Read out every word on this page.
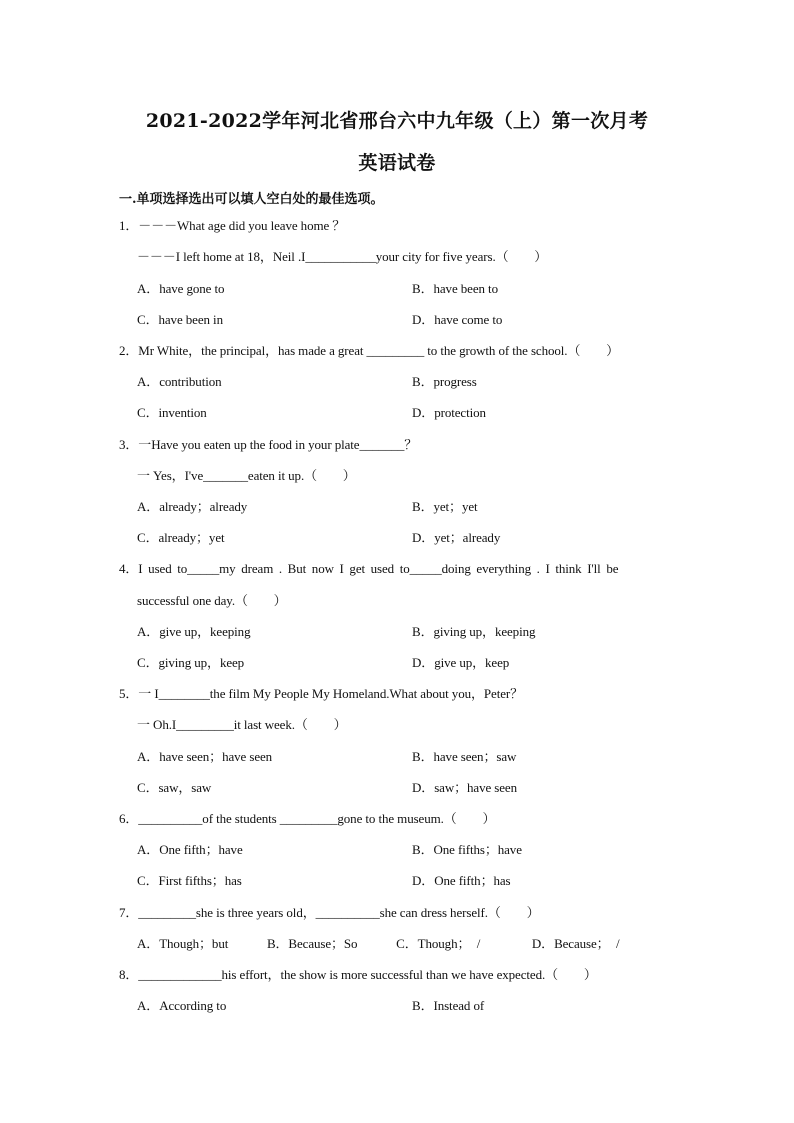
2021-2022学年河北省邢台六中九年级（上）第一次月考
英语试卷
一.单项选择选出可以填人空白处的最佳选项。
1．－－－What age did you leave home ？
－－－I left home at 18，Neil .I___________your city for five years.（　　）
A．have gone to	B．have been to
C．have been in	D．have come to
2．Mr White，the principal，has made a great _________ to the growth of the school.（　　）
A．contribution	B．progress
C．invention	D．protection
3．一Have you eaten up the food in your plate_______？
一 Yes，I've_______eaten it up.（　　）
A．already；already	B．yet；yet
C．already；yet	D．yet；already
4．I used to_____my dream . But now I get used to_____doing everything . I think I'll be
successful one day.（　　）
A．give up，keeping	B．giving up，keeping
C．giving up，keep	D．give up，keep
5．一 I________the film My People My Homeland.What about you，Peter？
一 Oh.I_________it last week.（　　）
A．have seen；have seen	B．have seen；saw
C．saw，saw	D．saw；have seen
6．__________of the students _________gone to the museum.（　　）
A．One fifth；have	B．One fifths；have
C．First fifths；has	D．One fifth；has
7．_________she is three years old，__________she can dress herself.（　　）
A．Though；but　　　B．Because；So　　　C．Though；　/　　　　D．Because；　/
8．_____________his effort，the show is more successful than we have expected.（　　）
A．According to	B．Instead of
